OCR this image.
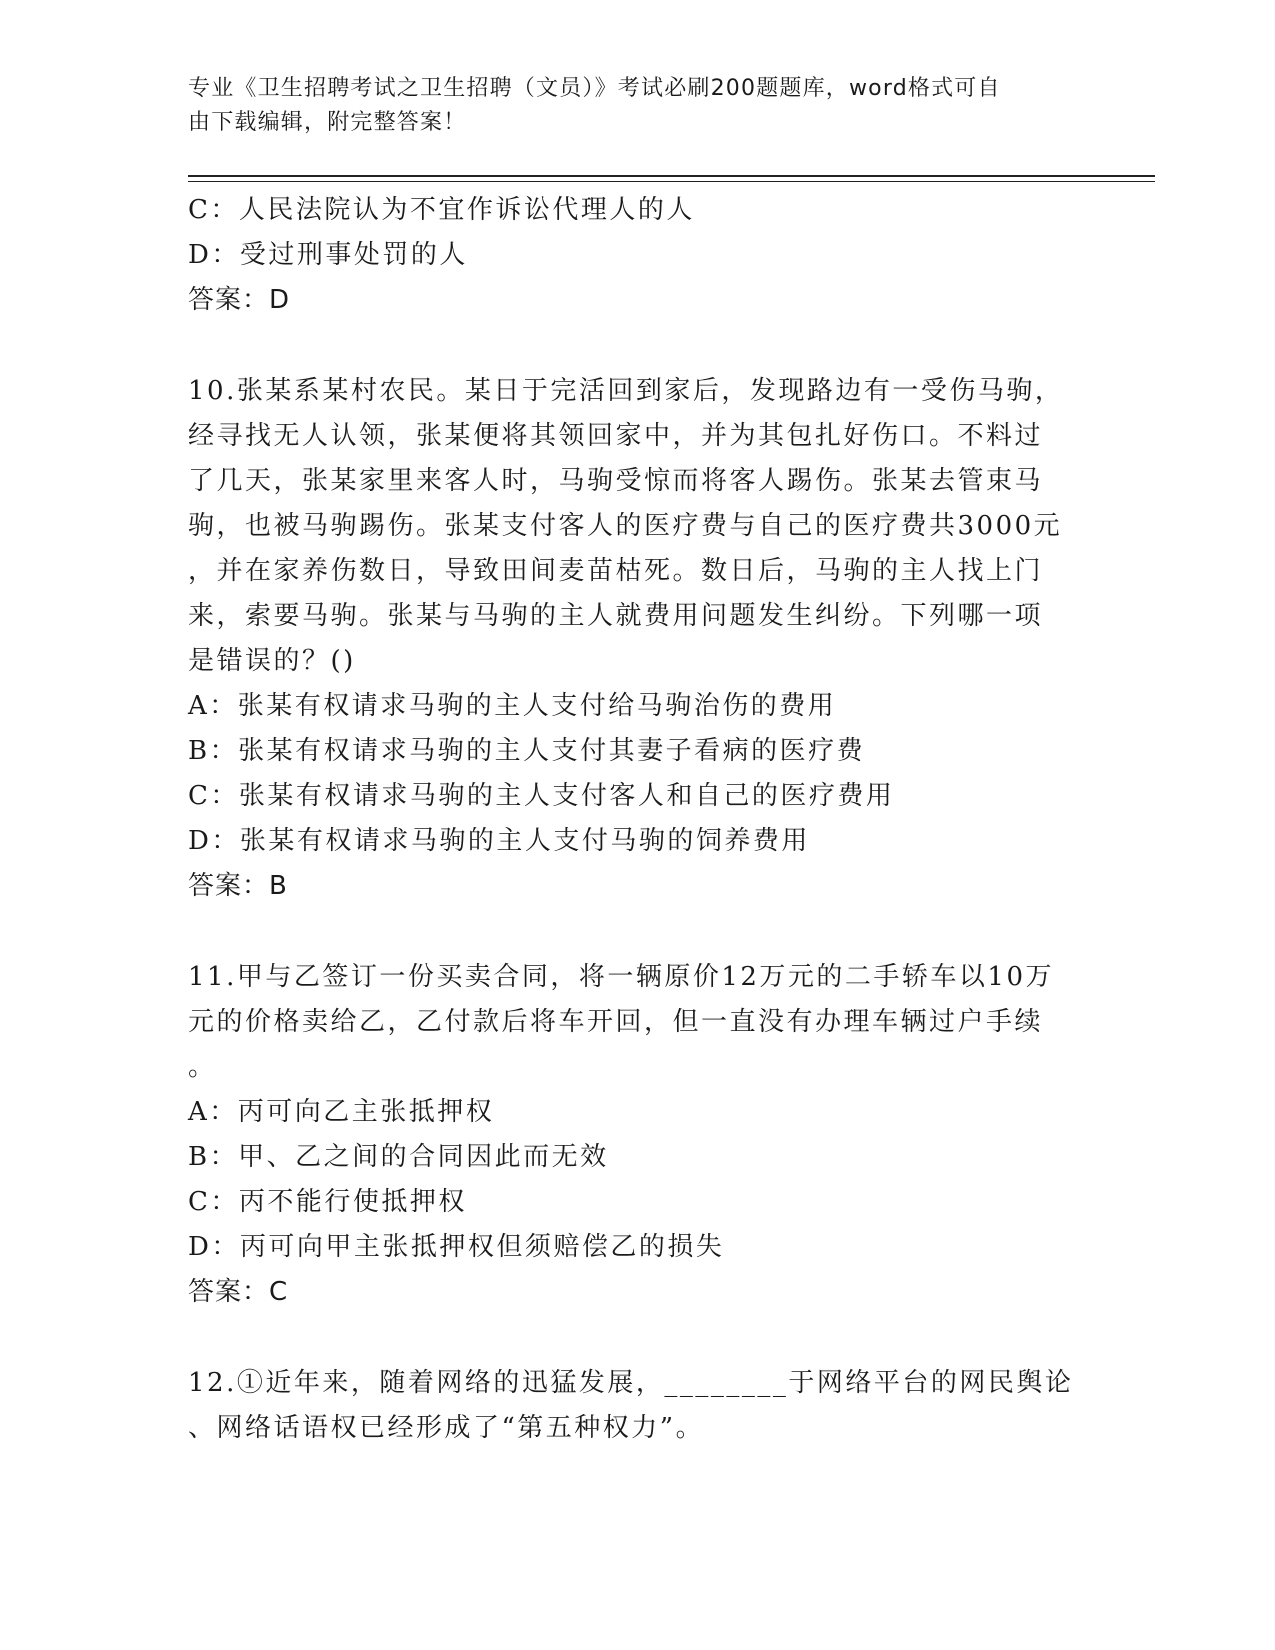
专业《卫生招聘考试之卫生招聘（文员）》考试必刷200题题库，word格式可自
由下载编辑，附完整答案！
C：人民法院认为不宜作诉讼代理人的人
D：受过刑事处罚的人
答案：D
10.张某系某村农民。某日于完活回到家后，发现路边有一受伤马驹，
经寻找无人认领，张某便将其领回家中，并为其包扎好伤口。不料过
了几天，张某家里来客人时，马驹受惊而将客人踢伤。张某去管束马
驹，也被马驹踢伤。张某支付客人的医疗费与自己的医疗费共3000元
，并在家养伤数日，导致田间麦苗枯死。数日后，马驹的主人找上门
来，索要马驹。张某与马驹的主人就费用问题发生纠纷。下列哪一项
是错误的？()
A：张某有权请求马驹的主人支付给马驹治伤的费用
B：张某有权请求马驹的主人支付其妻子看病的医疗费
C：张某有权请求马驹的主人支付客人和自己的医疗费用
D：张某有权请求马驹的主人支付马驹的饲养费用
答案：B
11.甲与乙签订一份买卖合同，将一辆原价12万元的二手轿车以10万
元的价格卖给乙，乙付款后将车开回，但一直没有办理车辆过户手续
。
A：丙可向乙主张抵押权
B：甲、乙之间的合同因此而无效
C：丙不能行使抵押权
D：丙可向甲主张抵押权但须赔偿乙的损失
答案：C
12.①近年来，随着网络的迅猛发展，________于网络平台的网民舆论
、网络话语权已经形成了“第五种权力”。
